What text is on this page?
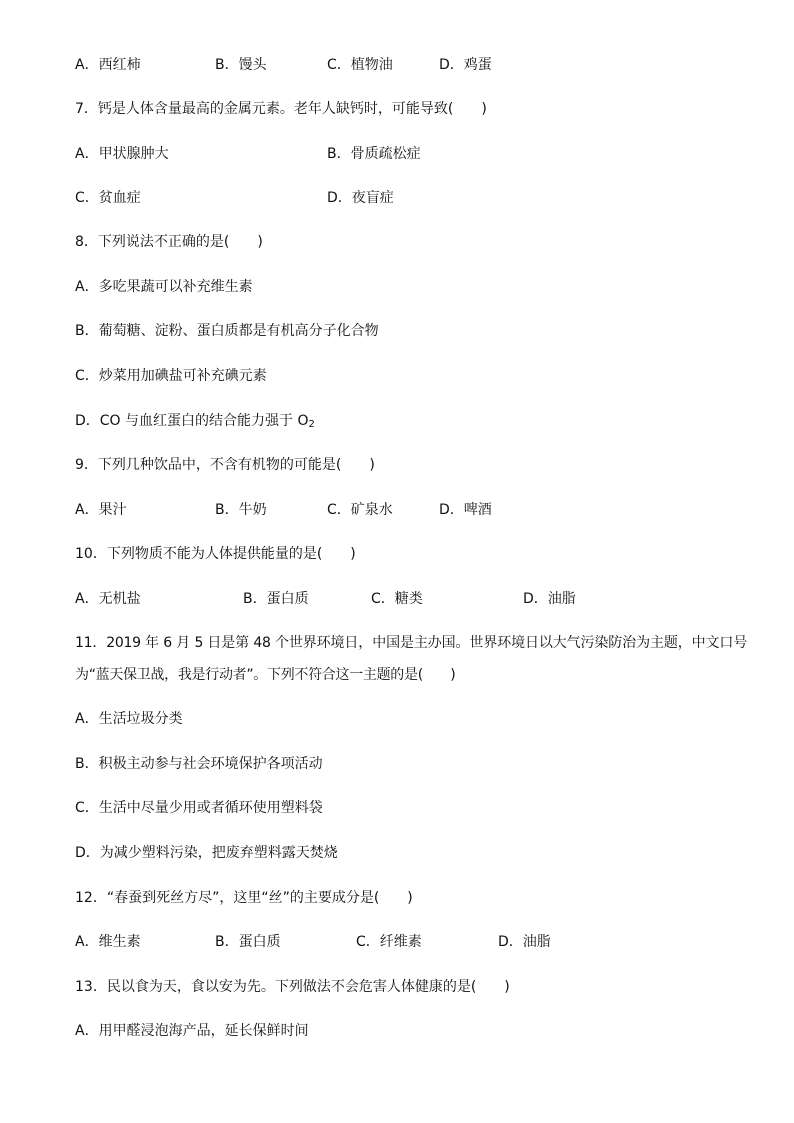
A．西红柿	B．馒头	C．植物油	D．鸡蛋
7．钙是人体含量最高的金属元素。老年人缺钙时，可能导致(　　)
A．甲状腺肿大	B．骨质疏松症
C．贫血症	D．夜盲症
8．下列说法不正确的是(　　)
A．多吃果蔬可以补充维生素
B．葡萄糖、淀粉、蛋白质都是有机高分子化合物
C．炒菜用加碘盐可补充碘元素
D．CO 与血红蛋白的结合能力强于 $O_2$
9．下列几种饮品中，不含有机物的可能是(　　)
A．果汁	B．牛奶	C．矿泉水	D．啤酒
10．下列物质不能为人体提供能量的是(　　)
A．无机盐	B．蛋白质	C．糖类	D．油脂
11．2019 年 6 月 5 日是第 48 个世界环境日，中国是主办国。世界环境日以大气污染防治为主题，中文口号为“蓝天保卫战，我是行动者”。下列不符合这一主题的是(　　)
A．生活垃圾分类
B．积极主动参与社会环境保护各项活动
C．生活中尽量少用或者循环使用塑料袋
D．为减少塑料污染，把废弃塑料露天焚烧
12．“春蚕到死丝方尽”，这里“丝”的主要成分是(　　)
A．维生素	B．蛋白质	C．纤维素	D．油脂
13．民以食为天，食以安为先。下列做法不会危害人体健康的是(　　)
A．用甲醛浸泡海产品，延长保鲜时间
